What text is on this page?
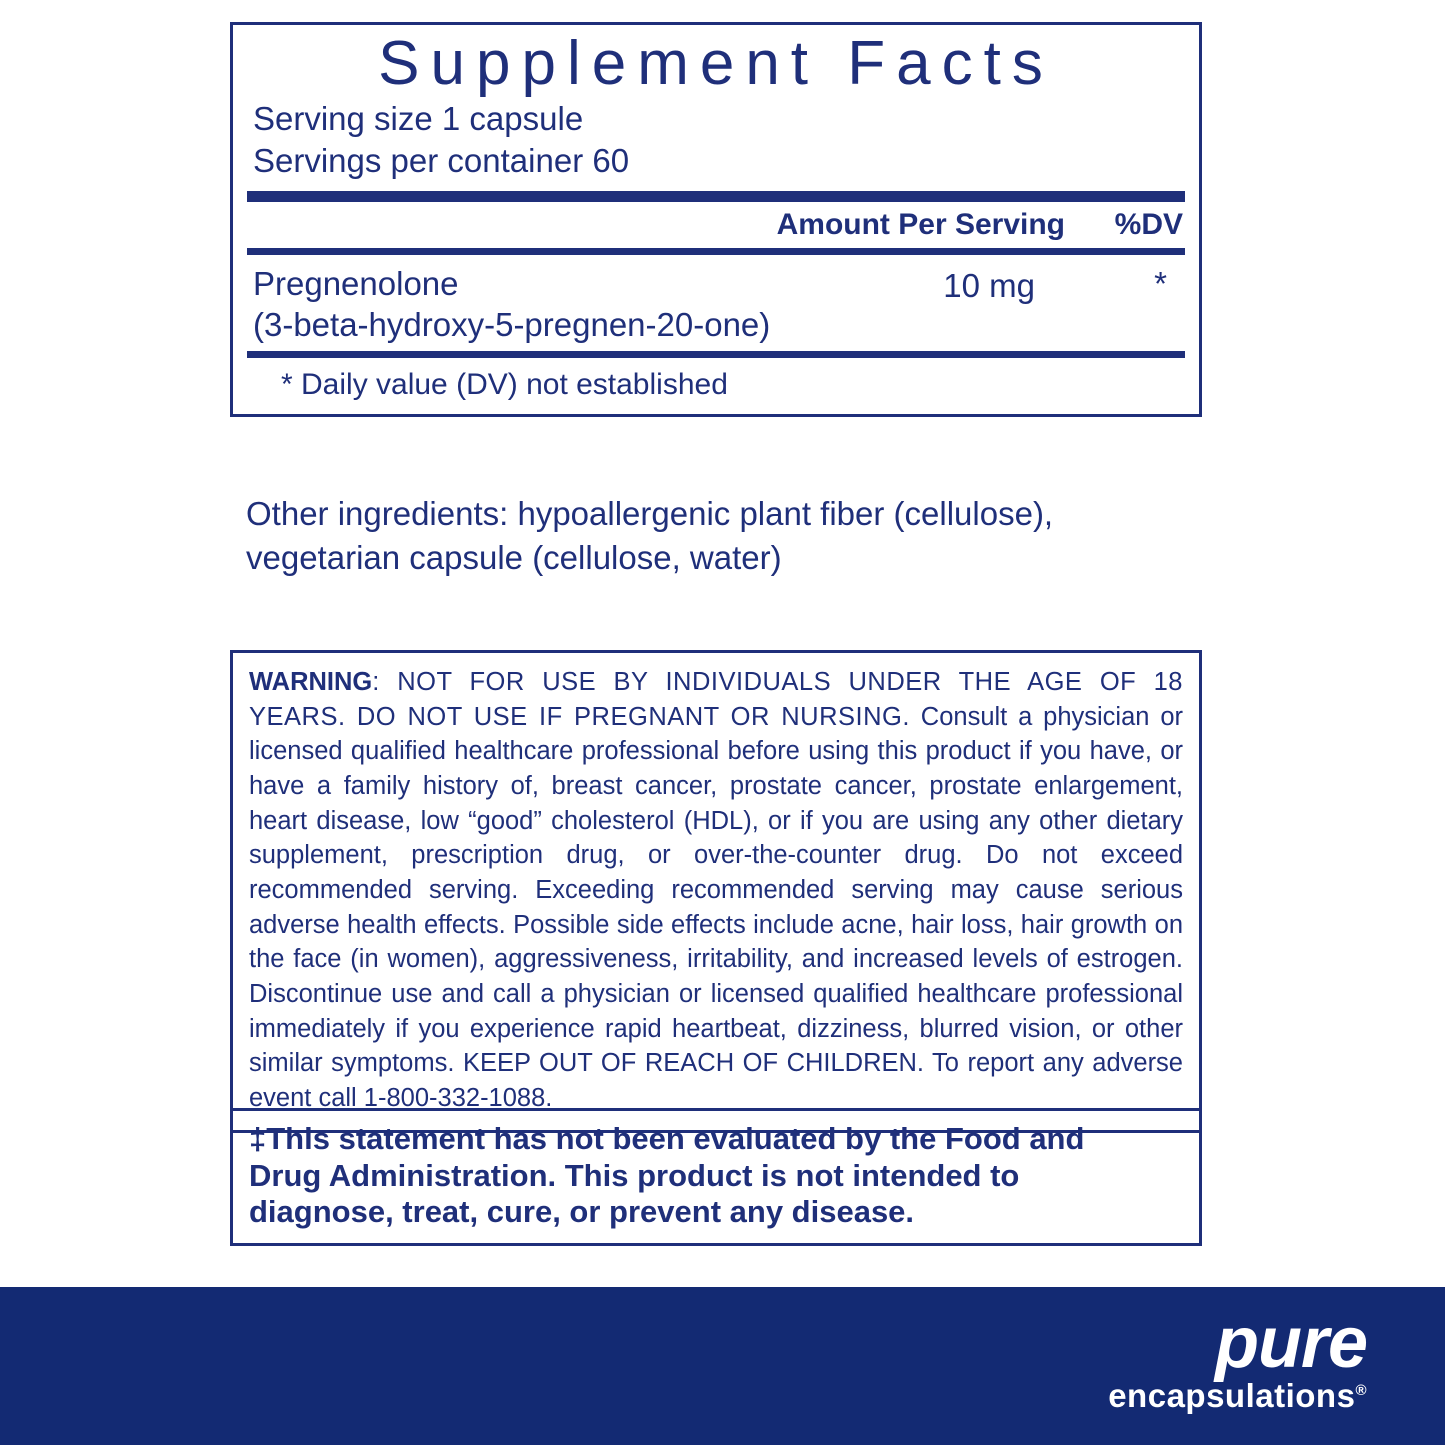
Supplement Facts
Serving size 1 capsule
Servings per container 60
Amount Per Serving	%DV
Pregnenolone
(3-beta-hydroxy-5-pregnen-20-one)
10 mg	*
* Daily value (DV) not established
Other ingredients: hypoallergenic plant fiber (cellulose), vegetarian capsule (cellulose, water)
WARNING: NOT FOR USE BY INDIVIDUALS UNDER THE AGE OF 18 YEARS. DO NOT USE IF PREGNANT OR NURSING. Consult a physician or licensed qualified healthcare professional before using this product if you have, or have a family history of, breast cancer, prostate cancer, prostate enlargement, heart disease, low “good” cholesterol (HDL), or if you are using any other dietary supplement, prescription drug, or over-the-counter drug. Do not exceed recommended serving. Exceeding recommended serving may cause serious adverse health effects. Possible side effects include acne, hair loss, hair growth on the face (in women), aggressiveness, irritability, and increased levels of estrogen. Discontinue use and call a physician or licensed qualified healthcare professional immediately if you experience rapid heartbeat, dizziness, blurred vision, or other similar symptoms. KEEP OUT OF REACH OF CHILDREN. To report any adverse event call 1-800-332-1088.
‡This statement has not been evaluated by the Food and
Drug Administration. This product is not intended to
diagnose, treat, cure, or prevent any disease.
pure
encapsulations®
